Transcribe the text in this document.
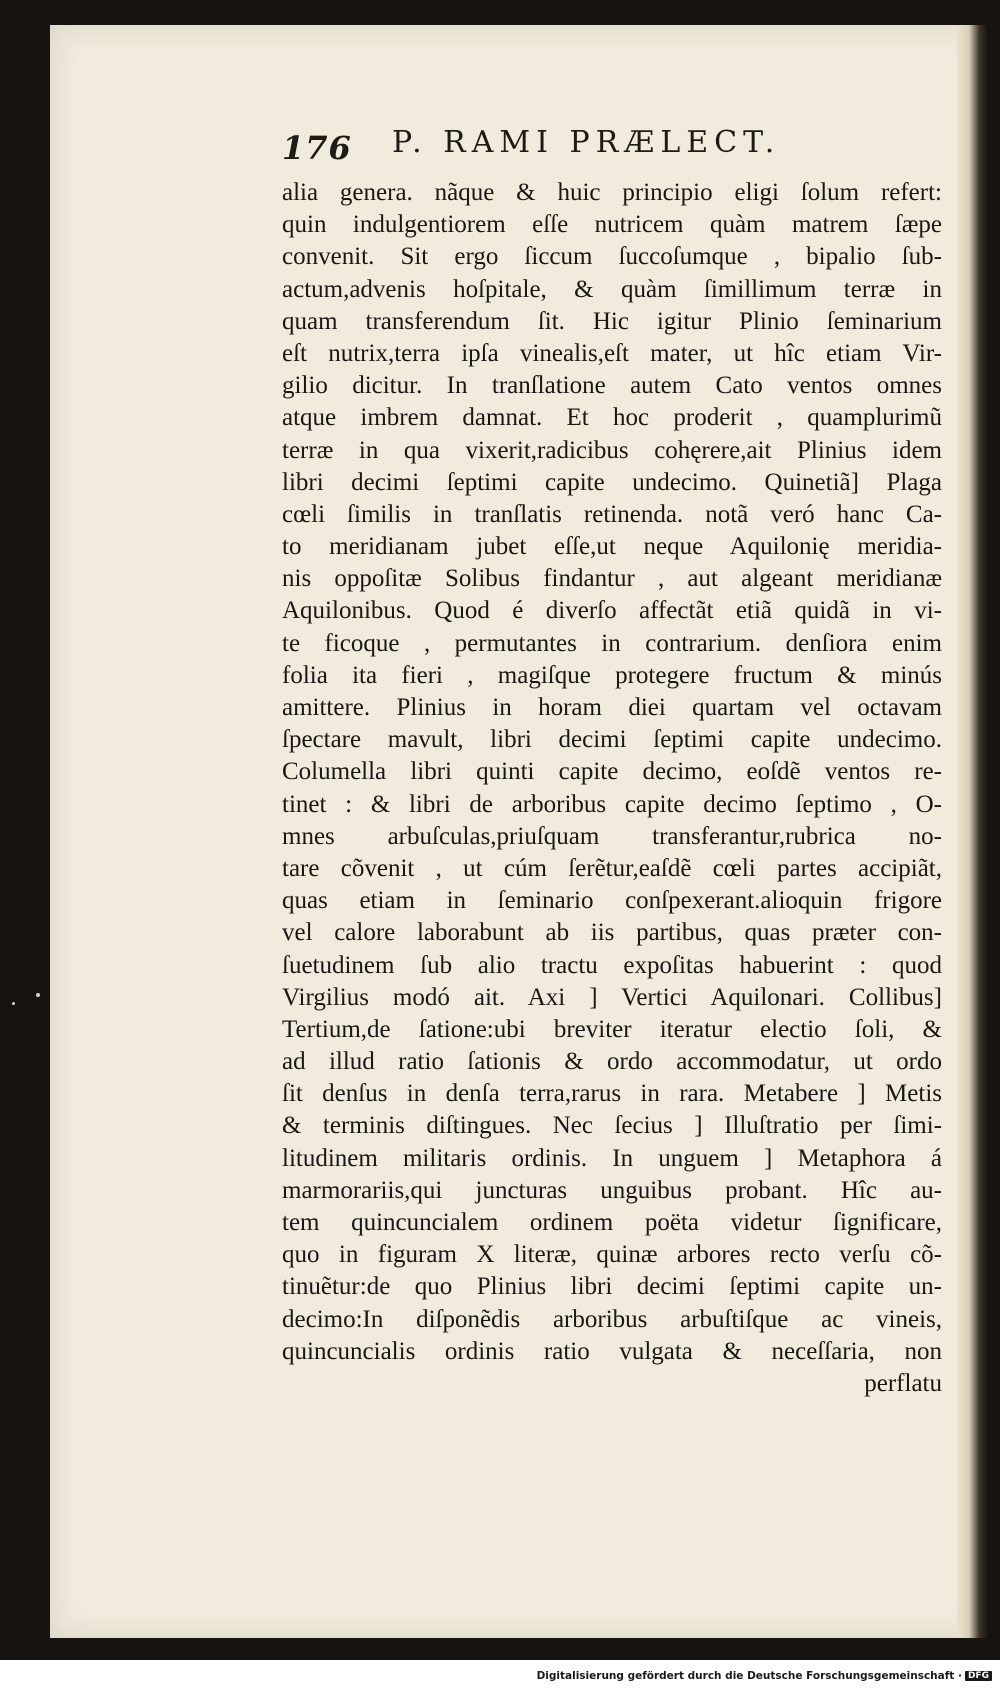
176 P. RAMI PRÆLECT.
alia genera. nãque & huic principio eligi ſolum refert:
quin indulgentiorem eſſe nutricem quàm matrem ſæpe
convenit. Sit ergo ſiccum ſuccoſumque , bipalio ſub-
actum,advenis hoſpitale, & quàm ſimillimum terræ in
quam transferendum ſit. Hic igitur Plinio ſeminarium
eſt nutrix,terra ipſa vinealis,eſt mater, ut hîc etiam Vir-
gilio dicitur. In tranſlatione autem Cato ventos omnes
atque imbrem damnat. Et hoc proderit , quamplurimũ
terræ in qua vixerit,radicibus cohęrere,ait Plinius idem
libri decimi ſeptimi capite undecimo. Quinetiã] Plaga
cœli ſimilis in tranſlatis retinenda. notã veró hanc Ca-
to meridianam jubet eſſe,ut neque Aquilonię meridia-
nis oppoſitæ Solibus findantur , aut algeant meridianæ
Aquilonibus. Quod é diverſo affectãt etiã quidã in vi-
te ficoque , permutantes in contrarium. denſiora enim
folia ita fieri , magiſque protegere fructum & minús
amittere. Plinius in horam diei quartam vel octavam
ſpectare mavult, libri decimi ſeptimi capite undecimo.
Columella libri quinti capite decimo, eoſdẽ ventos re-
tinet : & libri de arboribus capite decimo ſeptimo , O-
mnes arbuſculas,priuſquam transferantur,rubrica no-
tare cõvenit , ut cúm ſerẽtur,eaſdẽ cœli partes accipiãt,
quas etiam in ſeminario conſpexerant.alioquin frigore
vel calore laborabunt ab iis partibus, quas præter con-
ſuetudinem ſub alio tractu expoſitas habuerint : quod
Virgilius modó ait. Axi ] Vertici Aquilonari. Collibus]
Tertium,de ſatione:ubi breviter iteratur electio ſoli, &
ad illud ratio ſationis & ordo accommodatur, ut ordo
ſit denſus in denſa terra,rarus in rara. Metabere ] Metis
& terminis diſtingues. Nec ſecius ] Illuſtratio per ſimi-
litudinem militaris ordinis. In unguem ] Metaphora á
marmorariis,qui juncturas unguibus probant. Hîc au-
tem quincuncialem ordinem poëta videtur ſignificare,
quo in figuram X literæ, quinæ arbores recto verſu cõ-
tinuẽtur:de quo Plinius libri decimi ſeptimi capite un-
decimo:In diſponẽdis arboribus arbuſtiſque ac vineis,
quincuncialis ordinis ratio vulgata & neceſſaria, non
perflatu
Digitalisierung gefördert durch die Deutsche Forschungsgemeinschaft · DFG
